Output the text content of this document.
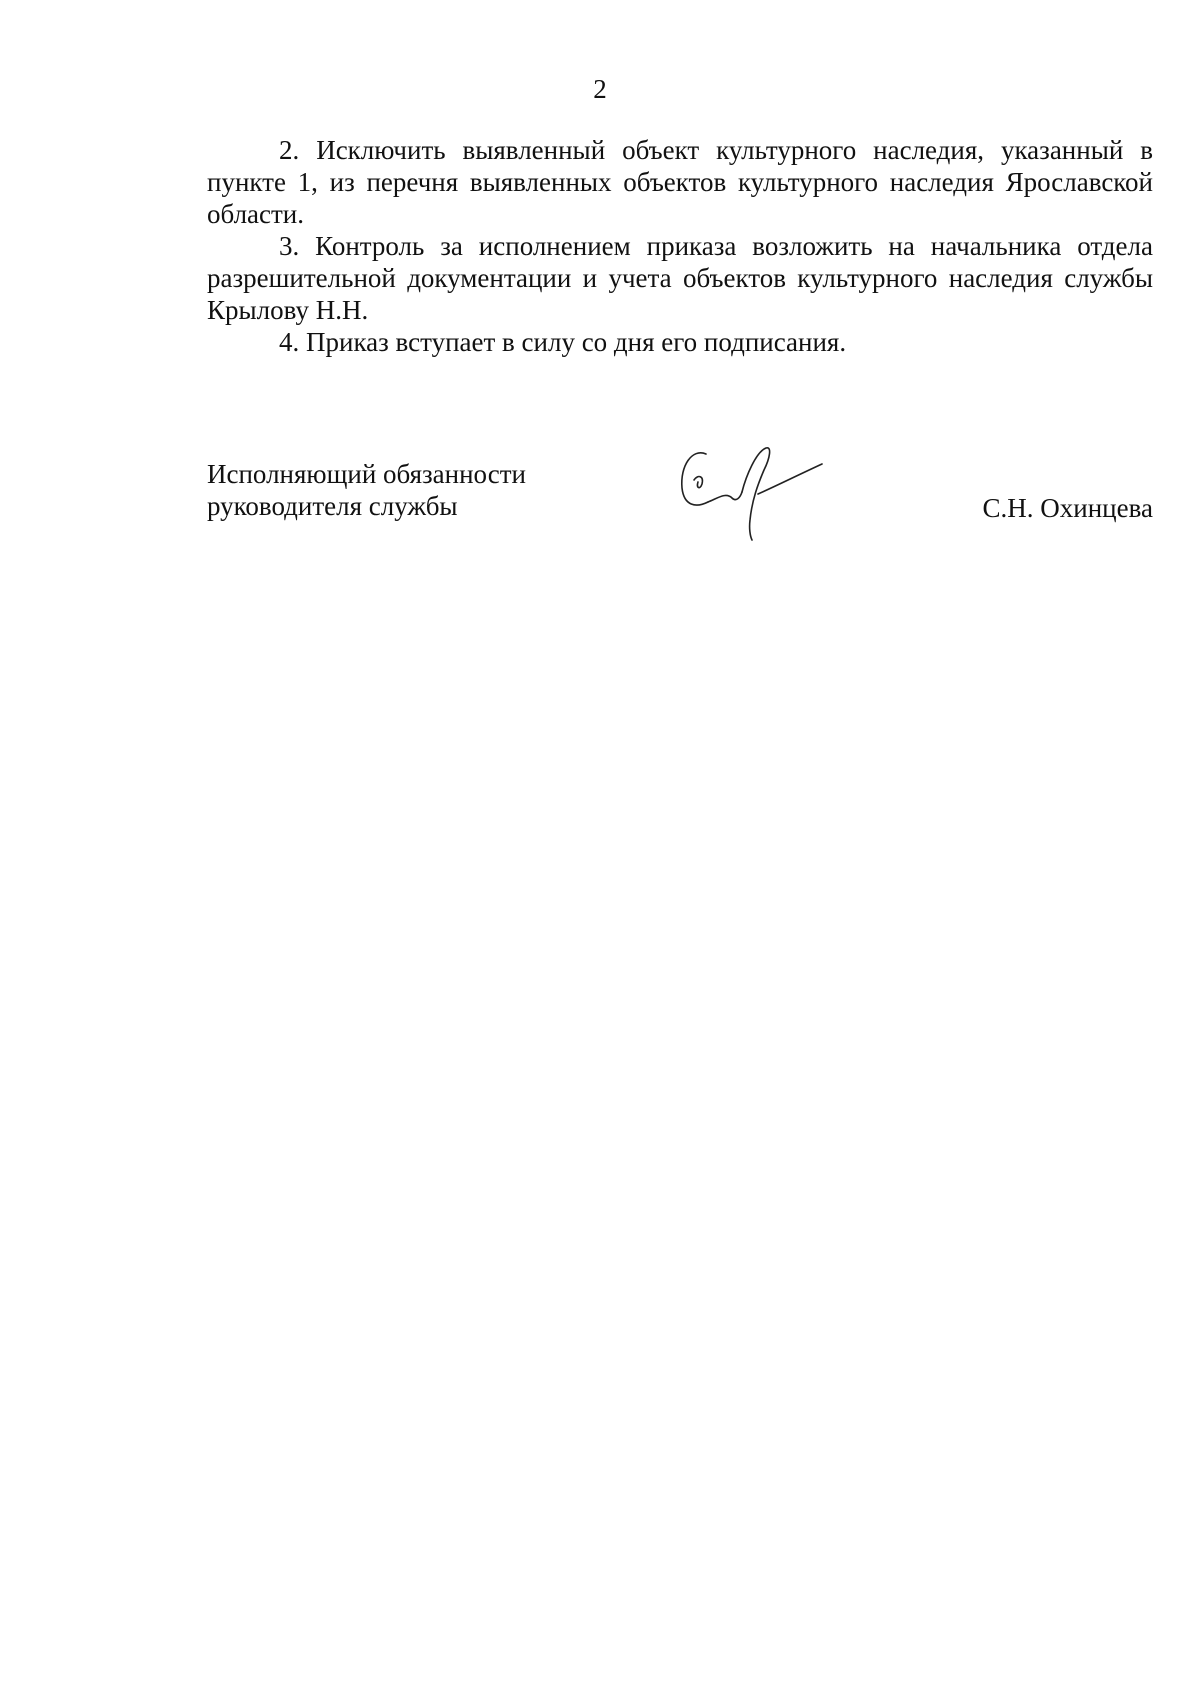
2

2. Исключить выявленный объект культурного наследия, указанный в пункте 1, из перечня выявленных объектов культурного наследия Ярославской области.

3. Контроль за исполнением приказа возложить на начальника отдела разрешительной документации и учета объектов культурного наследия службы Крылову Н.Н.

4. Приказ вступает в силу со дня его подписания.

Исполняющий обязанности
руководителя службы	С.Н. Охинцева
